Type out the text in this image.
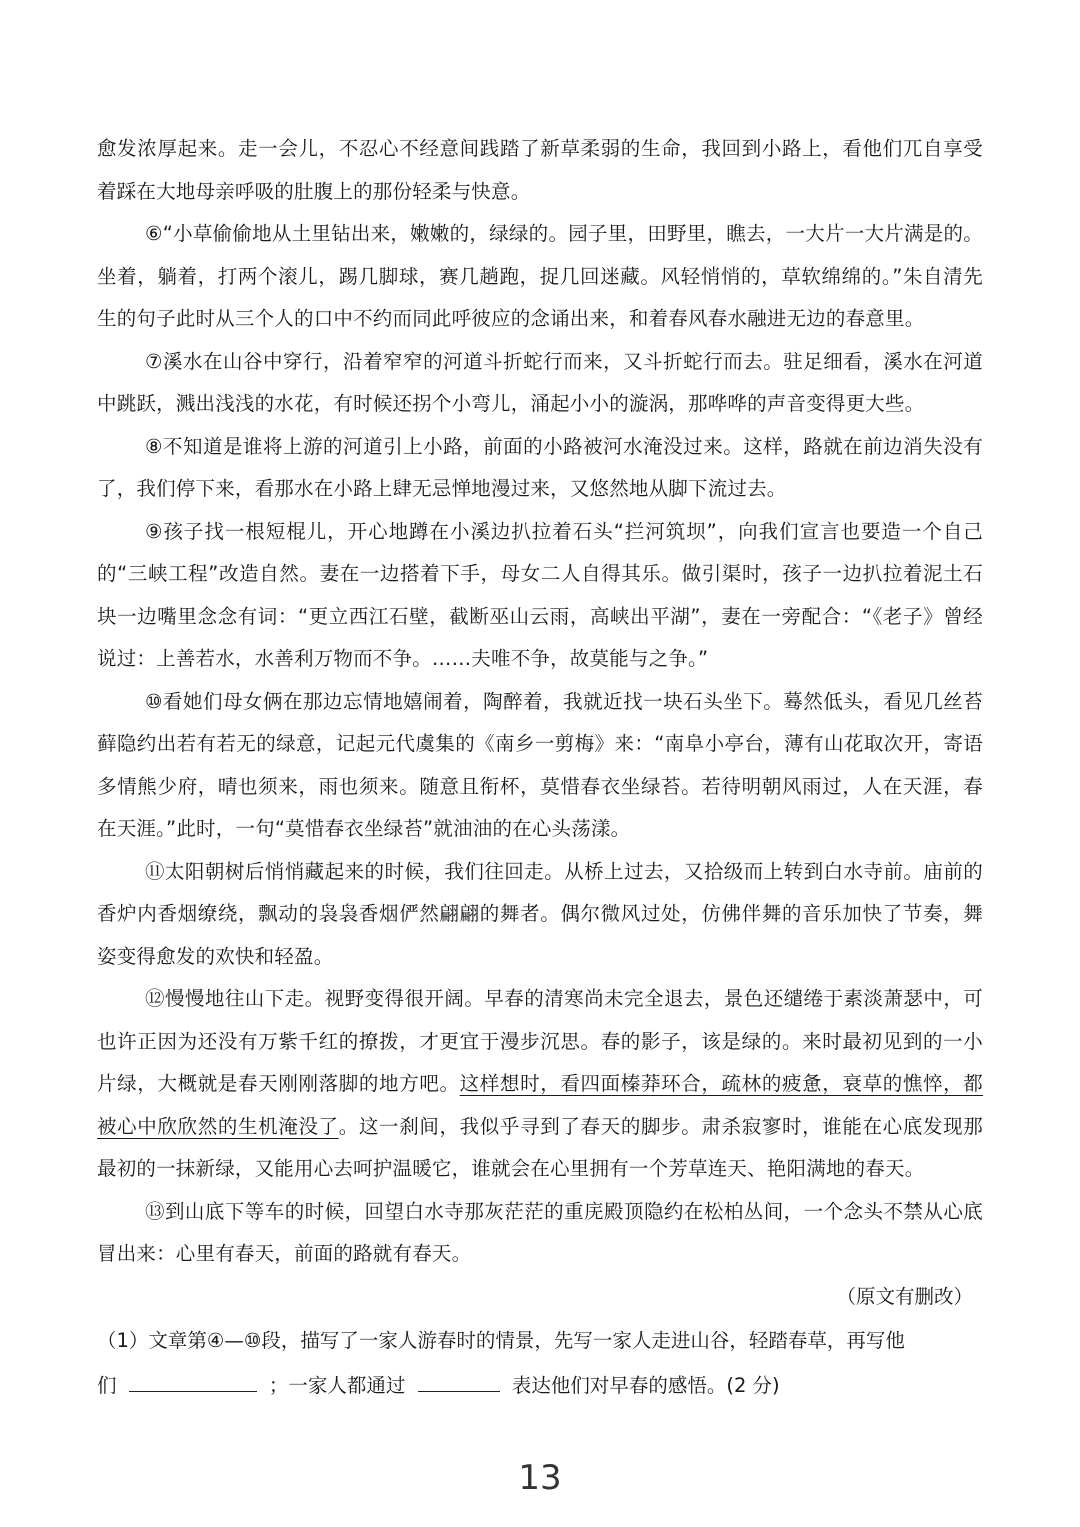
愈发浓厚起来。走一会儿，不忍心不经意间践踏了新草柔弱的生命，我回到小路上，看他们兀自享受着踩在大地母亲呼吸的肚腹上的那份轻柔与快意。

⑥“小草偷偷地从土里钻出来，嫩嫩的，绿绿的。园子里，田野里，瞧去，一大片一大片满是的。坐着，躺着，打两个滚儿，踢几脚球，赛几趟跑，捉几回迷藏。风轻悄悄的，草软绵绵的。”朱自清先生的句子此时从三个人的口中不约而同此呼彼应的念诵出来，和着春风春水融进无边的春意里。

⑦溪水在山谷中穿行，沿着窄窄的河道斗折蛇行而来，又斗折蛇行而去。驻足细看，溪水在河道中跳跃，溅出浅浅的水花，有时候还拐个小弯儿，涌起小小的漩涡，那哗哗的声音变得更大些。

⑧不知道是谁将上游的河道引上小路，前面的小路被河水淹没过来。这样，路就在前边消失没有了，我们停下来，看那水在小路上肆无忌惮地漫过来，又悠然地从脚下流过去。

⑨孩子找一根短棍儿，开心地蹲在小溪边扒拉着石头“拦河筑坝”，向我们宣言也要造一个自己的“三峡工程”改造自然。妻在一边搭着下手，母女二人自得其乐。做引渠时，孩子一边扒拉着泥土石块一边嘴里念念有词：“更立西江石壁，截断巫山云雨，高峡出平湖”，妻在一旁配合：“《老子》曾经说过：上善若水，水善利万物而不争。……夫唯不争，故莫能与之争。”

⑩看她们母女俩在那边忘情地嬉闹着，陶醉着，我就近找一块石头坐下。蓦然低头，看见几丝苔藓隐约出若有若无的绿意，记起元代虞集的《南乡一剪梅》来：“南阜小亭台，薄有山花取次开，寄语多情熊少府，晴也须来，雨也须来。随意且衔杯，莫惜春衣坐绿苔。若待明朝风雨过，人在天涯，春在天涯。”此时，一句“莫惜春衣坐绿苔”就油油的在心头荡漾。

⑪太阳朝树后悄悄藏起来的时候，我们往回走。从桥上过去，又拾级而上转到白水寺前。庙前的香炉内香烟缭绕，飘动的袅袅香烟俨然翩翩的舞者。偶尔微风过处，仿佛伴舞的音乐加快了节奏，舞姿变得愈发的欢快和轻盈。

⑫慢慢地往山下走。视野变得很开阔。早春的清寒尚未完全退去，景色还缱绻于素淡萧瑟中，可也许正因为还没有万紫千红的撩拨，才更宜于漫步沉思。春的影子，该是绿的。来时最初见到的一小片绿，大概就是春天刚刚落脚的地方吧。这样想时，看四面榛莽环合，疏林的疲惫，衰草的憔悴，都被心中欣欣然的生机淹没了。这一刹间，我似乎寻到了春天的脚步。肃杀寂寥时，谁能在心底发现那最初的一抹新绿，又能用心去呵护温暖它，谁就会在心里拥有一个芳草连天、艳阳满地的春天。

⑬到山底下等车的时候，回望白水寺那灰茫茫的重庑殿顶隐约在松柏丛间，一个念头不禁从心底冒出来：心里有春天，前面的路就有春天。

（原文有删改）

（1）文章第④—⑩段，描写了一家人游春时的情景，先写一家人走进山谷，轻踏春草，再写他

们	；一家人都通过	表达他们对早春的感悟。(2 分)

13
